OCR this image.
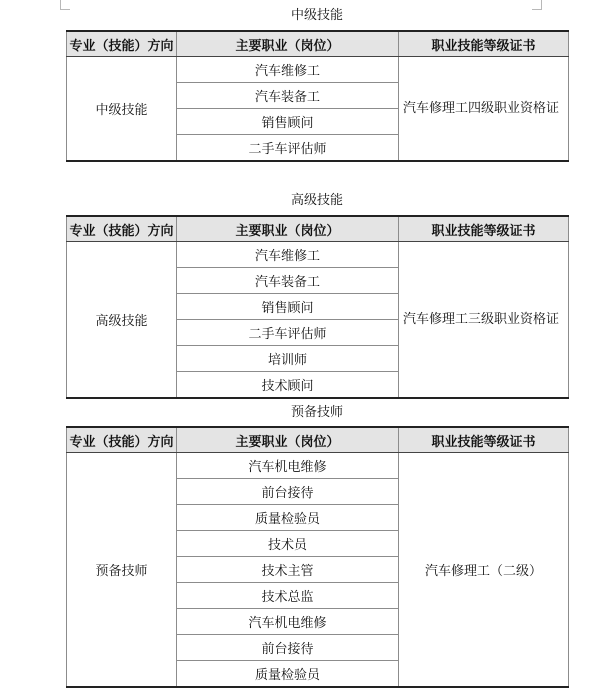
中级技能
专业（技能）方向	主要职业（岗位）	职业技能等级证书
中级技能	汽车维修工	汽车修理工四级职业资格证
	汽车装备工	
	销售顾问	
	二手车评估师	
高级技能
专业（技能）方向	主要职业（岗位）	职业技能等级证书
高级技能	汽车维修工	汽车修理工三级职业资格证
	汽车装备工	
	销售顾问	
	二手车评估师	
	培训师	
	技术顾问	
预备技师
专业（技能）方向	主要职业（岗位）	职业技能等级证书
预备技师	汽车机电维修	汽车修理工（二级）
	前台接待	
	质量检验员	
	技术员	
	技术主管	
	技术总监	
	汽车机电维修	
	前台接待	
	质量检验员	
